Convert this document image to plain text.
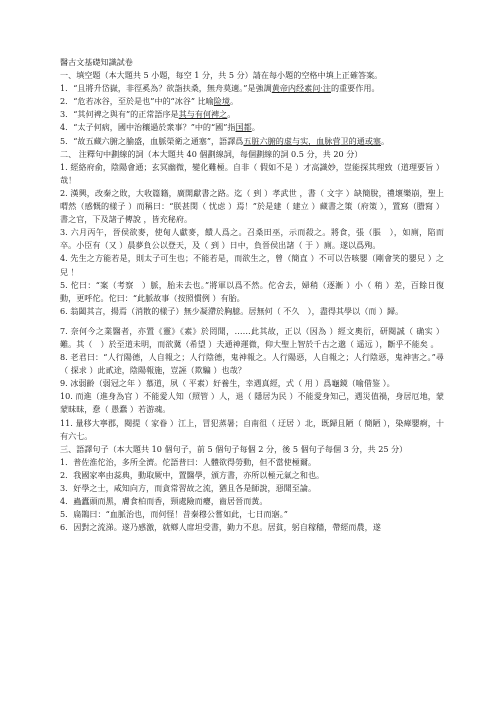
醫古文基礎知識試卷

一、填空題（本大題共 5 小題，每空 1 分，共 5 分）請在每小題的空格中填上正確答案。

1．“且將升岱嶽，非徑奚為？欲詣扶桑，無舟莫適。”是強調黄帝内经素问·注的重要作用。

2．“危若冰谷，至於是也”中的“冰谷” 比喻险境。

3．“其何裨之與有”的正常語序是其与有何裨之。

4．“太子何病，國中治穰過於衆事？”中的“國”指国都。

5．“故五藏六腑之腧盛，血脈榮衛之通塞”，語譯爲五脏六腑的虚与实，血脉营卫的通或塞。

二、 注釋句中劃線的詞（本大題共 40 個劃線詞，每個劃線的詞 0.5 分，共 20 分）

1. 經絡府俞，陰陽會通；玄冥幽微，變化難極。自非（ 假如不是 ）才高識妙，豈能探其理致（道理要旨 ）哉！

2. 漢興，改秦之敗，大收篇籍，廣開獻書之路。迄（ 到 ）孝武世 ，書（ 文字 ）缺簡脫，禮壞樂崩，聖上喟然（感慨的樣子 ）而稱曰：“朕甚閔（ 忧虑 ）焉！”於是建（ 建立 ）藏書之策（府策 ），置寫（謄寫 ）書之官，下及諸子傳說 ，皆充秘府。

3. 六月丙午，晉侯欲麥，使甸人獻麥，饋人爲之。召桑田巫，示而殺之。將食，張（脹　），如廁，陷而卒。小臣有（又 ）晨夢負公以登天，及（ 到 ）日中，負晉侯出諸（ 于 ）廁。遂以爲殉。

4. 先生之方能若是，則太子可生也；不能若是，而欲生之，曾（簡直 ）不可以告咳嬰（剛會笑的嬰兒 ）之兒 ！

5. 佗曰：“案（考察　）脈，胎未去也。”將軍以爲不然。佗舍去，婦稍（逐漸 ）小（ 稍 ）差，百餘日復動，更呼佗。佗曰：“此脈故事（按照慣例 ）有胎。

6. 翁闔其言，揚焉（消散的樣子）無少凝滯於胸臆。居無何（ 不久　），盡得其學以（而 ）歸。

7. 奈何今之業醫者，亦置《靈》《素》於罔聞，……此其故，正以（因為 ）經文奧衍，研閱誠（ 确实 ）難。其（　）於至道未明，而欲冀（希望 ）夫通神運微，仰大聖上智於千古之邈（ 遥远 ），斷乎不能矣 。

8. 老君曰：“人行陽德，人自報之；人行陰德，鬼神報之。人行陽惡，人自報之；人行陰惡，鬼神害之。”尋（ 探求 ）此貳途，陰陽報施，豈誣（欺騙 ）也哉？

9. 冰弱齡（弱冠之年 ）慕道，夙（ 平素）好養生，幸遇真經，式（ 用 ）爲龜鏡（喻借鉴 ）。

10. 而進（進身為官 ）不能愛人知（照管 ）人，退（ 隱居为民 ）不能愛身知己，遇災值禍，身居厄地，蒙蒙昧昧，惷（ 愚蠢 ）若游魂。

11. 量移大寧郡，閱提（ 家眷 ）江上，冒犯蒸暑；自南徂（ 迂居 ）北，既歸且陋（ 簡陋 ），染瘴嬰痾，十有六七。

三、語譯句子（本大題共 10 個句子，前 5 個句子每個 2 分，後 5 個句子每個 3 分，共 25 分）

1．普佐淮佗治，多所全濟。佗語普曰：人體欲得勞動，但不當使極爾。

2．我國家率由蕊典，動取厥中，置醫學，頒方書，亦所以極元氣之和也。

3．好學之士，咸知向方，而貪常習故之流，猶且各是師說，惡聞至論。

4．蟲蠹頭而黑，膚食柏而香，頸處險而癭，齒居晉而黃。

5．扁鵲曰：“血脈治也，而何怪！昔秦穆公嘗如此，七日而寤。”

6．因對之流涕。遂乃感激，就鄉人席坦受書，勤力不息。居貧，躬自稼穡，帶經而農，遂
